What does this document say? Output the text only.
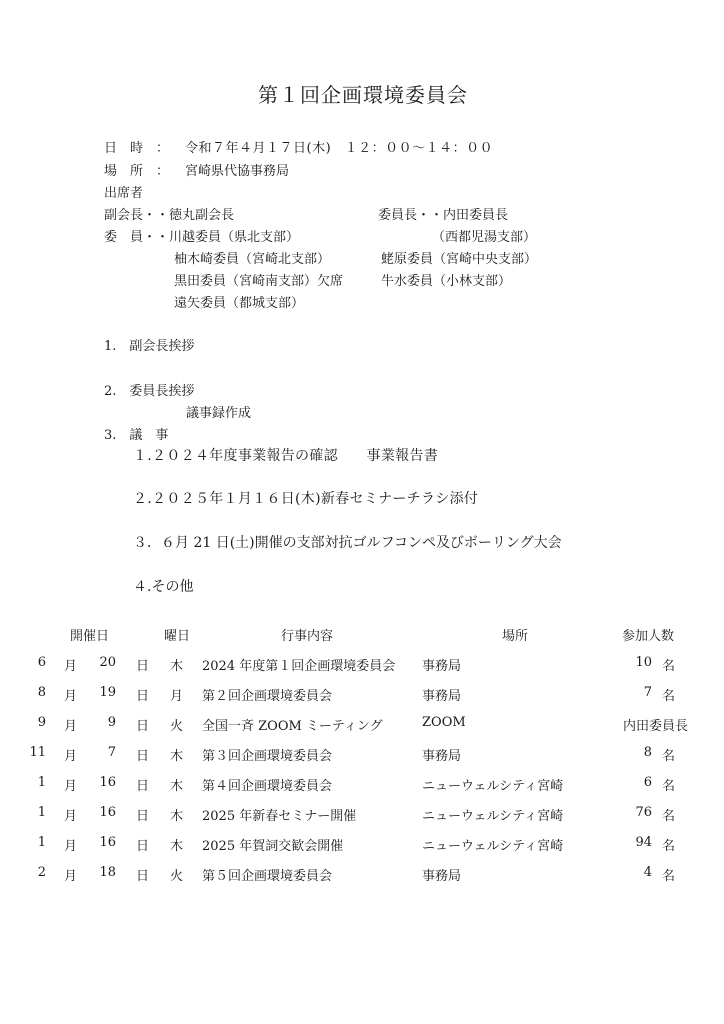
第１回企画環境委員会
日　時　： 令和７年４月１７日(木)　１２：００～１４：００
場　所　： 宮崎県代協事務局
出席者
副会長・・徳丸副会長	委員長・・内田委員長
委　員・・川越委員（県北支部）	（西都児湯支部）
柚木崎委員（宮崎北支部）	蛯原委員（宮崎中央支部）
黒田委員（宮崎南支部）欠席	牛水委員（小林支部）
遠矢委員（都城支部）
1.　副会長挨拶
2.　委員長挨拶
議事録作成
3.　議　事
１.２０２４年度事業報告の確認　　事業報告書
２.２０２５年１月１６日(木)新春セミナーチラシ添付
３．６月 21 日(土)開催の支部対抗ゴルフコンペ及びボーリング大会
４.その他
開催日	曜日	行事内容	場所	参加人数
6 月	20 日 木 2024 年度第１回企画環境委員会	事務局	10 名
8 月	19 日 月 第２回企画環境委員会	事務局	7 名
9 月	9 日 火 全国一斉 ZOOM ミーティング	ZOOM	内田委員長
11 月	7 日 木 第３回企画環境委員会	事務局	8 名
1 月	16 日 木 第４回企画環境委員会	ニューウェルシティ宮崎	6 名
1 月	16 日 木 2025 年新春セミナー開催	ニューウェルシティ宮崎	76 名
1 月	16 日 木 2025 年賀詞交歓会開催	ニューウェルシティ宮崎	94 名
2 月	18 日 火 第５回企画環境委員会	事務局	4 名
